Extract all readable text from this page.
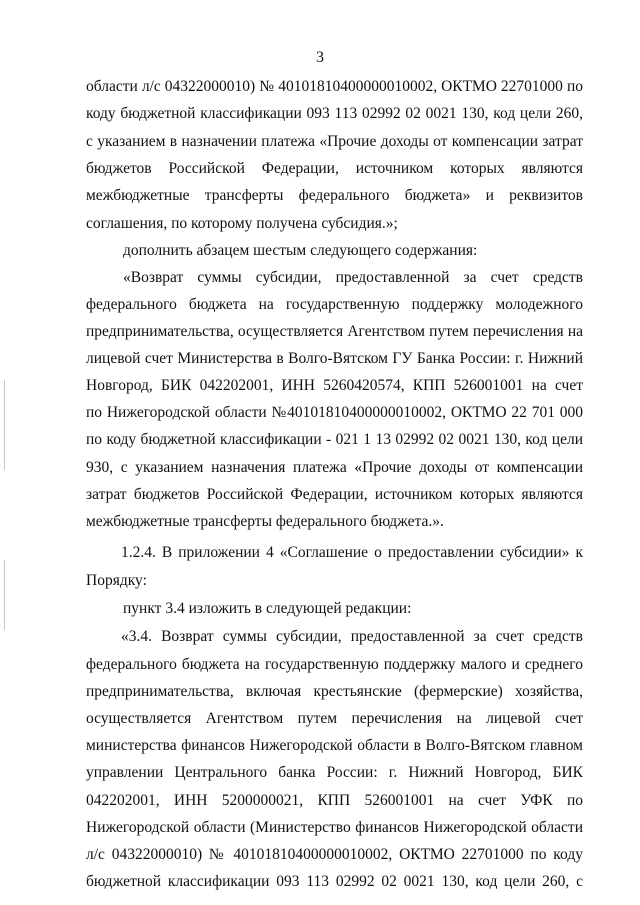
3
области л/с 04322000010) № 40101810400000010002, ОКТМО 22701000 по
коду бюджетной классификации 093 113 02992 02 0021 130, код цели 260,
с указанием в назначении платежа «Прочие доходы от компенсации затрат
бюджетов Российской Федерации, источником которых являются
межбюджетные трансферты федерального бюджета» и реквизитов
соглашения, по которому получена субсидия.»;
дополнить абзацем шестым следующего содержания:
«Возврат суммы субсидии, предоставленной за счет средств
федерального бюджета на государственную поддержку молодежного
предпринимательства, осуществляется Агентством путем перечисления на
лицевой счет Министерства в Волго-Вятском ГУ Банка России: г. Нижний
Новгород, БИК 042202001, ИНН 5260420574, КПП 526001001 на счет
по Нижегородской области №40101810400000010002, ОКТМО 22 701 000
по коду бюджетной классификации - 021 1 13 02992 02 0021 130, код цели
930, с указанием назначения платежа «Прочие доходы от компенсации
затрат бюджетов Российской Федерации, источником которых являются
межбюджетные трансферты федерального бюджета.».
1.2.4. В приложении 4 «Соглашение о предоставлении субсидии» к
Порядку:
пункт 3.4 изложить в следующей редакции:
«3.4. Возврат суммы субсидии, предоставленной за счет средств
федерального бюджета на государственную поддержку малого и среднего
предпринимательства, включая крестьянские (фермерские) хозяйства,
осуществляется Агентством путем перечисления на лицевой счет
министерства финансов Нижегородской области в Волго-Вятском главном
управлении Центрального банка России: г. Нижний Новгород, БИК
042202001, ИНН 5200000021, КПП 526001001 на счет УФК по
Нижегородской области (Министерство финансов Нижегородской области
л/с 04322000010) № 40101810400000010002, ОКТМО 22701000 по коду
бюджетной классификации 093 113 02992 02 0021 130, код цели 260, с
